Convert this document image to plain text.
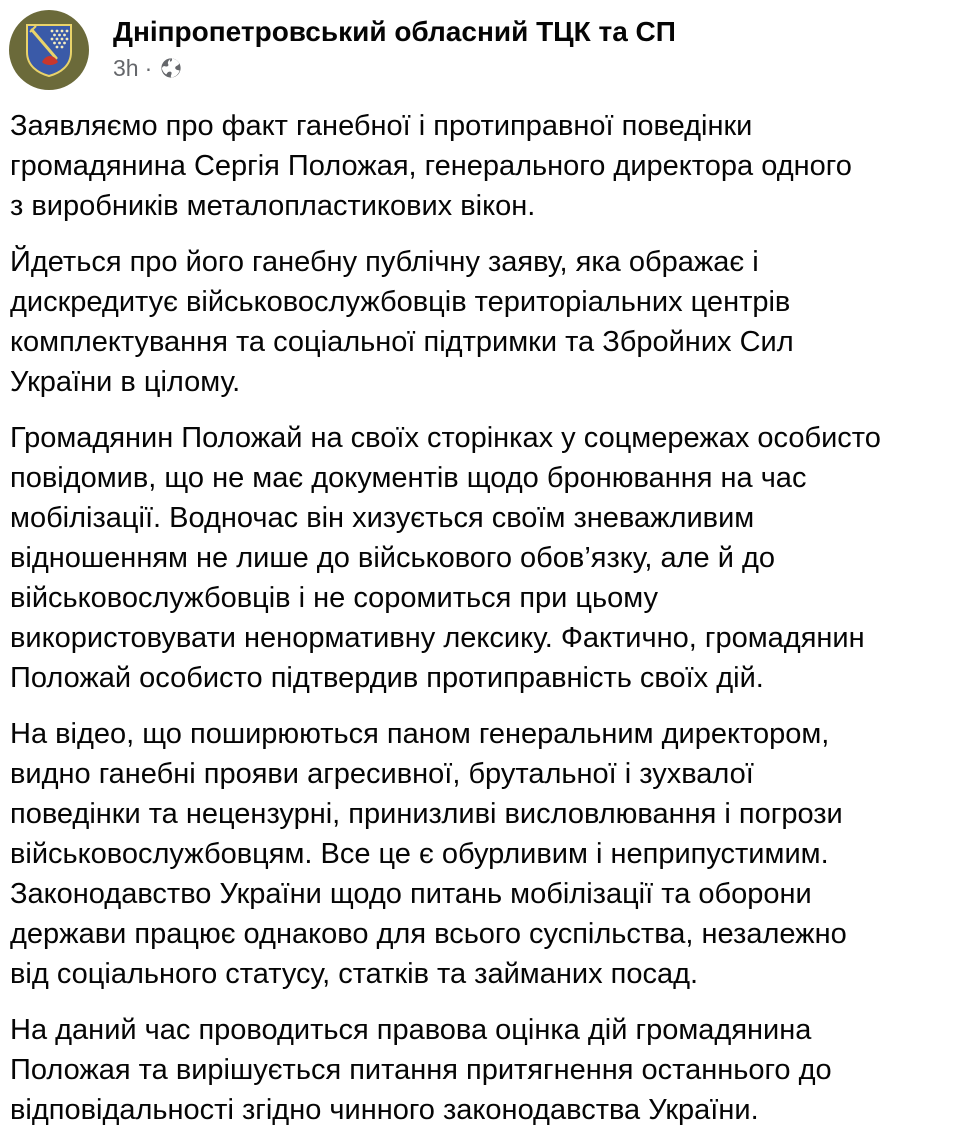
Дніпропетровський обласний ТЦК та СП
3h ·

Заявляємо про факт ганебної і протиправної поведінки
громадянина Сергія Положая, генерального директора одного
з виробників металопластикових вікон.

Йдеться про його ганебну публічну заяву, яка ображає і
дискредитує військовослужбовців територіальних центрів
комплектування та соціальної підтримки та Збройних Сил
України в цілому.

Громадянин Положай на своїх сторінках у соцмережах особисто
повідомив, що не має документів щодо бронювання на час
мобілізації. Водночас він хизується своїм зневажливим
відношенням не лише до військового обов’язку, але й до
військовослужбовців і не соромиться при цьому
використовувати ненормативну лексику. Фактично, громадянин
Положай особисто підтвердив протиправність своїх дій.

На відео, що поширюються паном генеральним директором,
видно ганебні прояви агресивної, брутальної і зухвалої
поведінки та нецензурні, принизливі висловлювання і погрози
військовослужбовцям. Все це є обурливим і неприпустимим.
Законодавство України щодо питань мобілізації та оборони
держави працює однаково для всього суспільства, незалежно
від соціального статусу, статків та займаних посад.

На даний час проводиться правова оцінка дій громадянина
Положая та вирішується питання притягнення останнього до
відповідальності згідно чинного законодавства України.
